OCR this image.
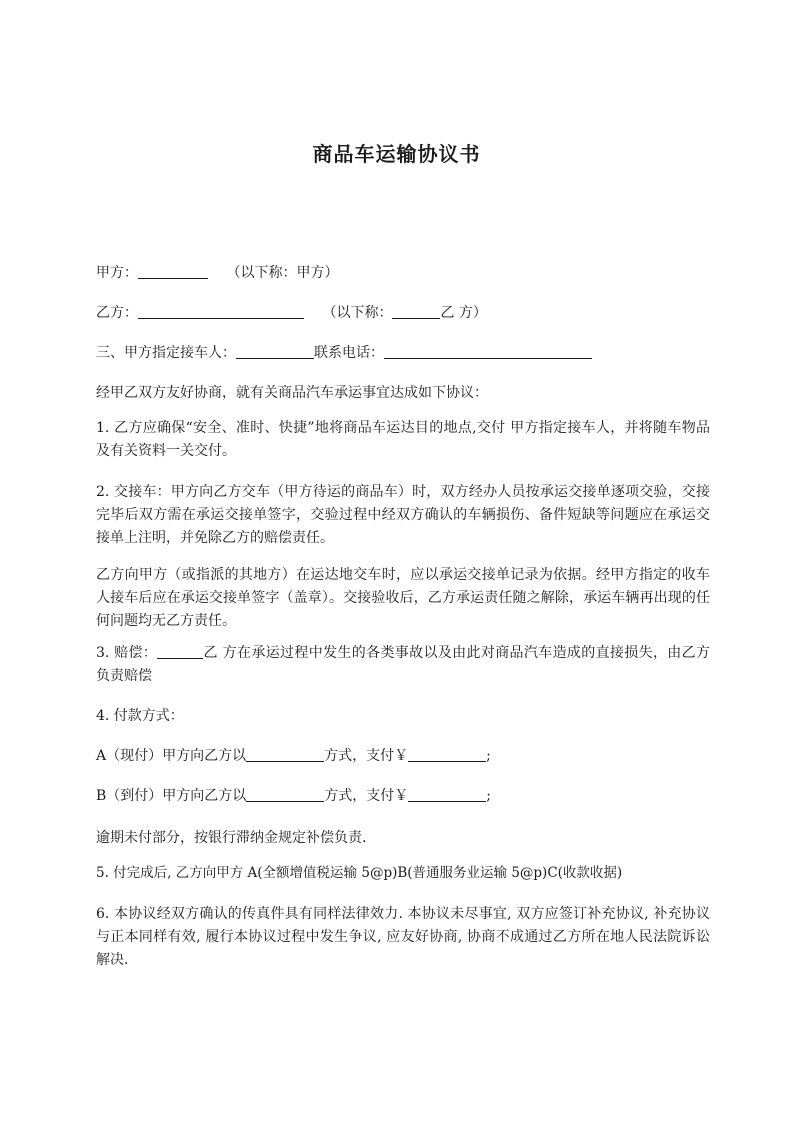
商品车运输协议书
甲方：	（以下称：甲方）
乙方：	（以下称：	乙 方）
三、甲方指定接车人：	联系电话：
经甲乙双方友好协商，就有关商品汽车承运事宜达成如下协议：
1. 乙方应确保“安全、准时、快捷”地将商品车运达目的地点,交付 甲方指定接车人，并将随车物品及有关资料一关交付。
2. 交接车：甲方向乙方交车（甲方待运的商品车）时，双方经办人员按承运交接单逐项交验，交接完毕后双方需在承运交接单签字，交验过程中经双方确认的车辆损伤、备件短缺等问题应在承运交接单上注明，并免除乙方的赔偿责任。
乙方向甲方（或指派的其地方）在运达地交车时，应以承运交接单记录为依据。经甲方指定的收车人接车后应在承运交接单签字（盖章）。交接验收后，乙方承运责任随之解除，承运车辆再出现的任何问题均无乙方责任。
3. 赔偿：	乙 方在承运过程中发生的各类事故以及由此对商品汽车造成的直接损失，由乙方负责赔偿
4. 付款方式：
A（现付）甲方向乙方以	方式，支付￥	;
B（到付）甲方向乙方以	方式，支付￥	;
逾期未付部分，按银行滞纳金规定补偿负责.
5. 付完成后, 乙方向甲方 A(全额增值税运输 5@p)B(普通服务业运输 5@p)C(收款收据)
6. 本协议经双方确认的传真件具有同样法律效力. 本协议未尽事宜, 双方应签订补充协议, 补充协议与正本同样有效, 履行本协议过程中发生争议, 应友好协商, 协商不成通过乙方所在地人民法院诉讼解决.
